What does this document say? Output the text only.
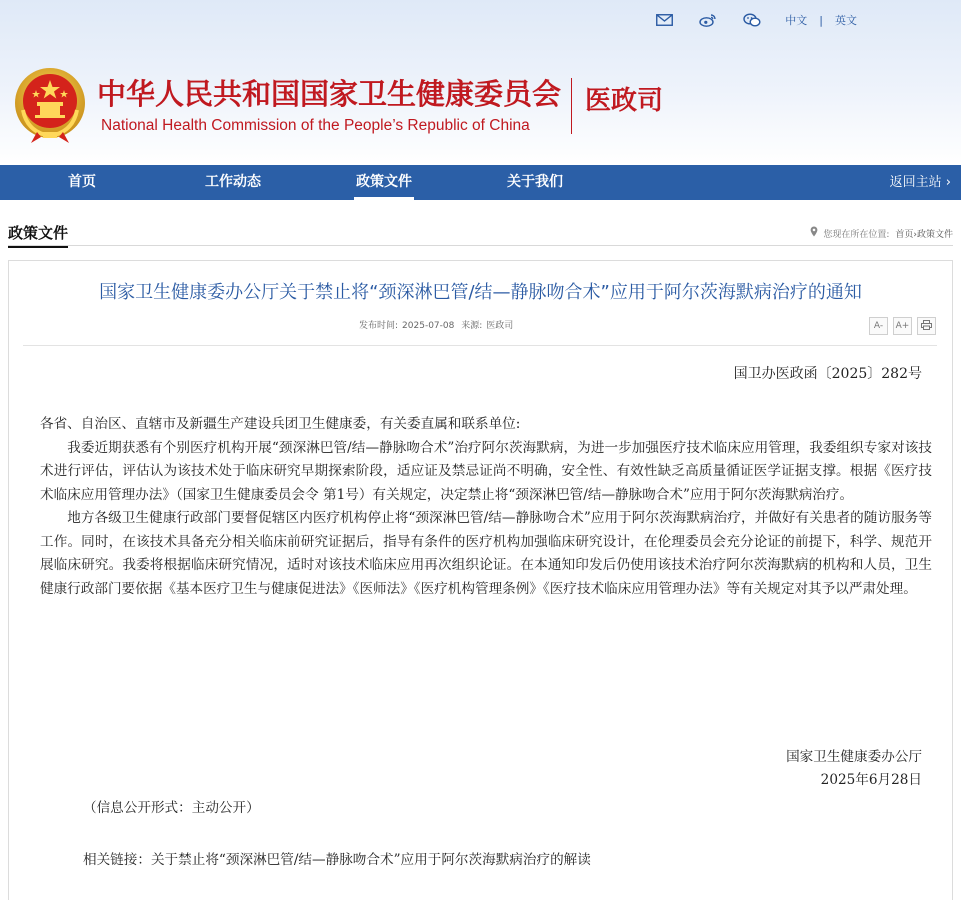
中文 | 英文
中华人民共和国国家卫生健康委员会
National Health Commission of the People’s Republic of China
医政司
首页	工作动态	政策文件	关于我们	返回主站 ›
政策文件	您现在所在位置: 首页›政策文件
国家卫生健康委办公厅关于禁止将“颈深淋巴管/结—静脉吻合术”应用于阿尔茨海默病治疗的通知
发布时间: 2025-07-08 来源: 医政司	A-	A+
国卫办医政函〔2025〕282号

各省、自治区、直辖市及新疆生产建设兵团卫生健康委，有关委直属和联系单位:

我委近期获悉有个别医疗机构开展“颈深淋巴管/结—静脉吻合术”治疗阿尔茨海默病，为进一步加强医疗技术临床应用管理，我委组织专家对该技术进行评估，评估认为该技术处于临床研究早期探索阶段，适应证及禁忌证尚不明确，安全性、有效性缺乏高质量循证医学证据支撑。根据《医疗技术临床应用管理办法》（国家卫生健康委员会令 第1号）有关规定，决定禁止将“颈深淋巴管/结—静脉吻合术”应用于阿尔茨海默病治疗。

地方各级卫生健康行政部门要督促辖区内医疗机构停止将“颈深淋巴管/结—静脉吻合术”应用于阿尔茨海默病治疗，并做好有关患者的随访服务等工作。同时，在该技术具备充分相关临床前研究证据后，指导有条件的医疗机构加强临床研究设计，在伦理委员会充分论证的前提下，科学、规范开展临床研究。我委将根据临床研究情况，适时对该技术临床应用再次组织论证。在本通知印发后仍使用该技术治疗阿尔茨海默病的机构和人员，卫生健康行政部门要依据《基本医疗卫生与健康促进法》《医师法》《医疗机构管理条例》《医疗技术临床应用管理办法》等有关规定对其予以严肃处理。

国家卫生健康委办公厅
2025年6月28日
（信息公开形式：主动公开）
相关链接：关于禁止将“颈深淋巴管/结—静脉吻合术”应用于阿尔茨海默病治疗的解读
